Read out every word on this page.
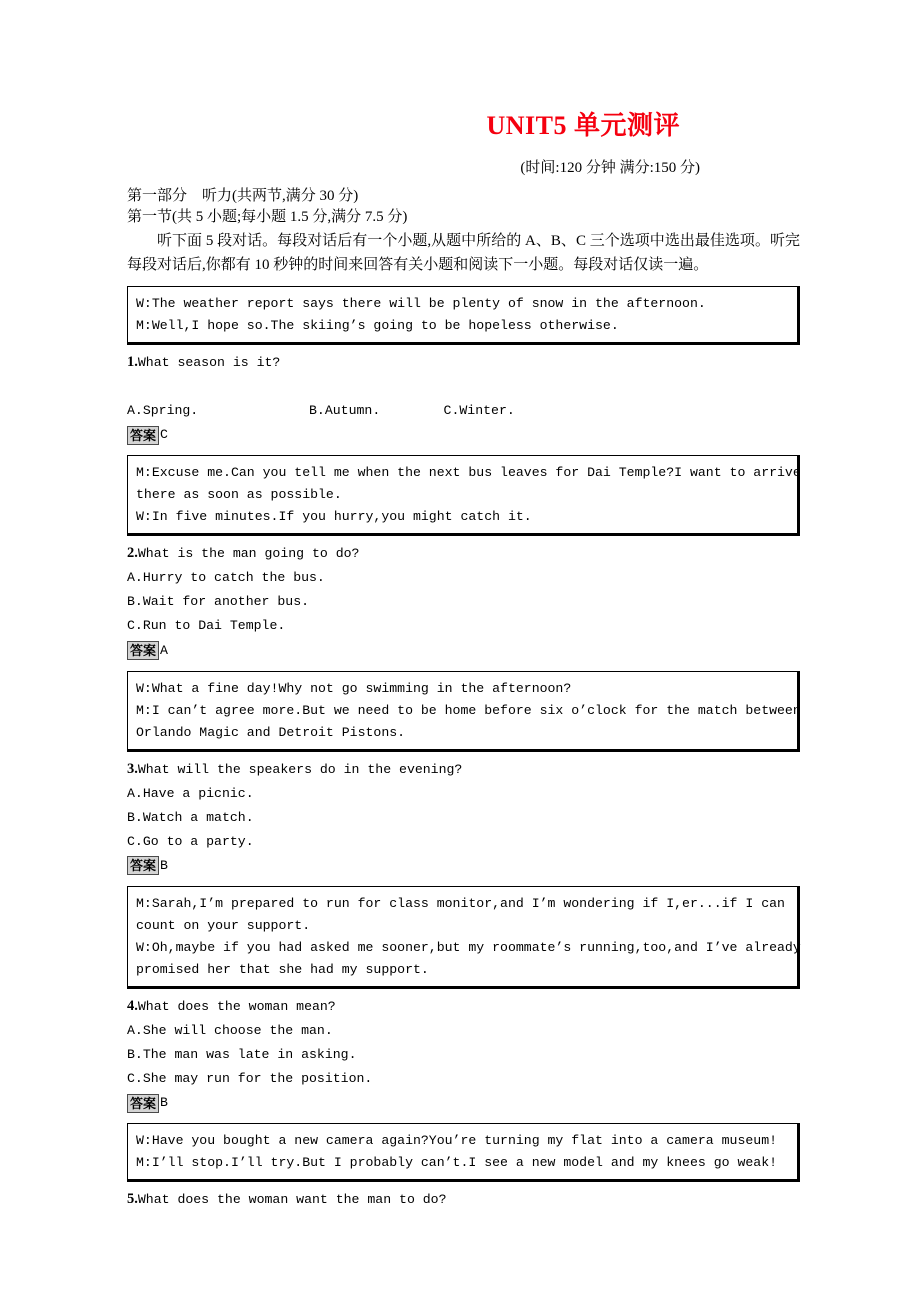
UNIT5 单元测评
(时间:120 分钟 满分:150 分)
第一部分　听力(共两节,满分 30 分)
第一节(共 5 小题;每小题 1.5 分,满分 7.5 分)
听下面 5 段对话。每段对话后有一个小题,从题中所给的 A、B、C 三个选项中选出最佳选项。听完每段对话后,你都有 10 秒钟的时间来回答有关小题和阅读下一小题。每段对话仅读一遍。
W:The weather report says there will be plenty of snow in the afternoon.
M:Well,I hope so.The skiing’s going to be hopeless otherwise.
1.What season is it?
A.Spring.              B.Autumn.        C.Winter.
答案 C
M:Excuse me.Can you tell me when the next bus leaves for Dai Temple?I want to arrive
there as soon as possible.
W:In five minutes.If you hurry,you might catch it.
2.What is the man going to do?
A.Hurry to catch the bus.
B.Wait for another bus.
C.Run to Dai Temple.
答案 A
W:What a fine day!Why not go swimming in the afternoon?
M:I can’t agree more.But we need to be home before six o’clock for the match between
Orlando Magic and Detroit Pistons.
3.What will the speakers do in the evening?
A.Have a picnic.
B.Watch a match.
C.Go to a party.
答案 B
M:Sarah,I’m prepared to run for class monitor,and I’m wondering if I,er...if I can
count on your support.
W:Oh,maybe if you had asked me sooner,but my roommate’s running,too,and I’ve already
promised her that she had my support.
4.What does the woman mean?
A.She will choose the man.
B.The man was late in asking.
C.She may run for the position.
答案 B
W:Have you bought a new camera again?You’re turning my flat into a camera museum!
M:I’ll stop.I’ll try.But I probably can’t.I see a new model and my knees go weak!
5.What does the woman want the man to do?
